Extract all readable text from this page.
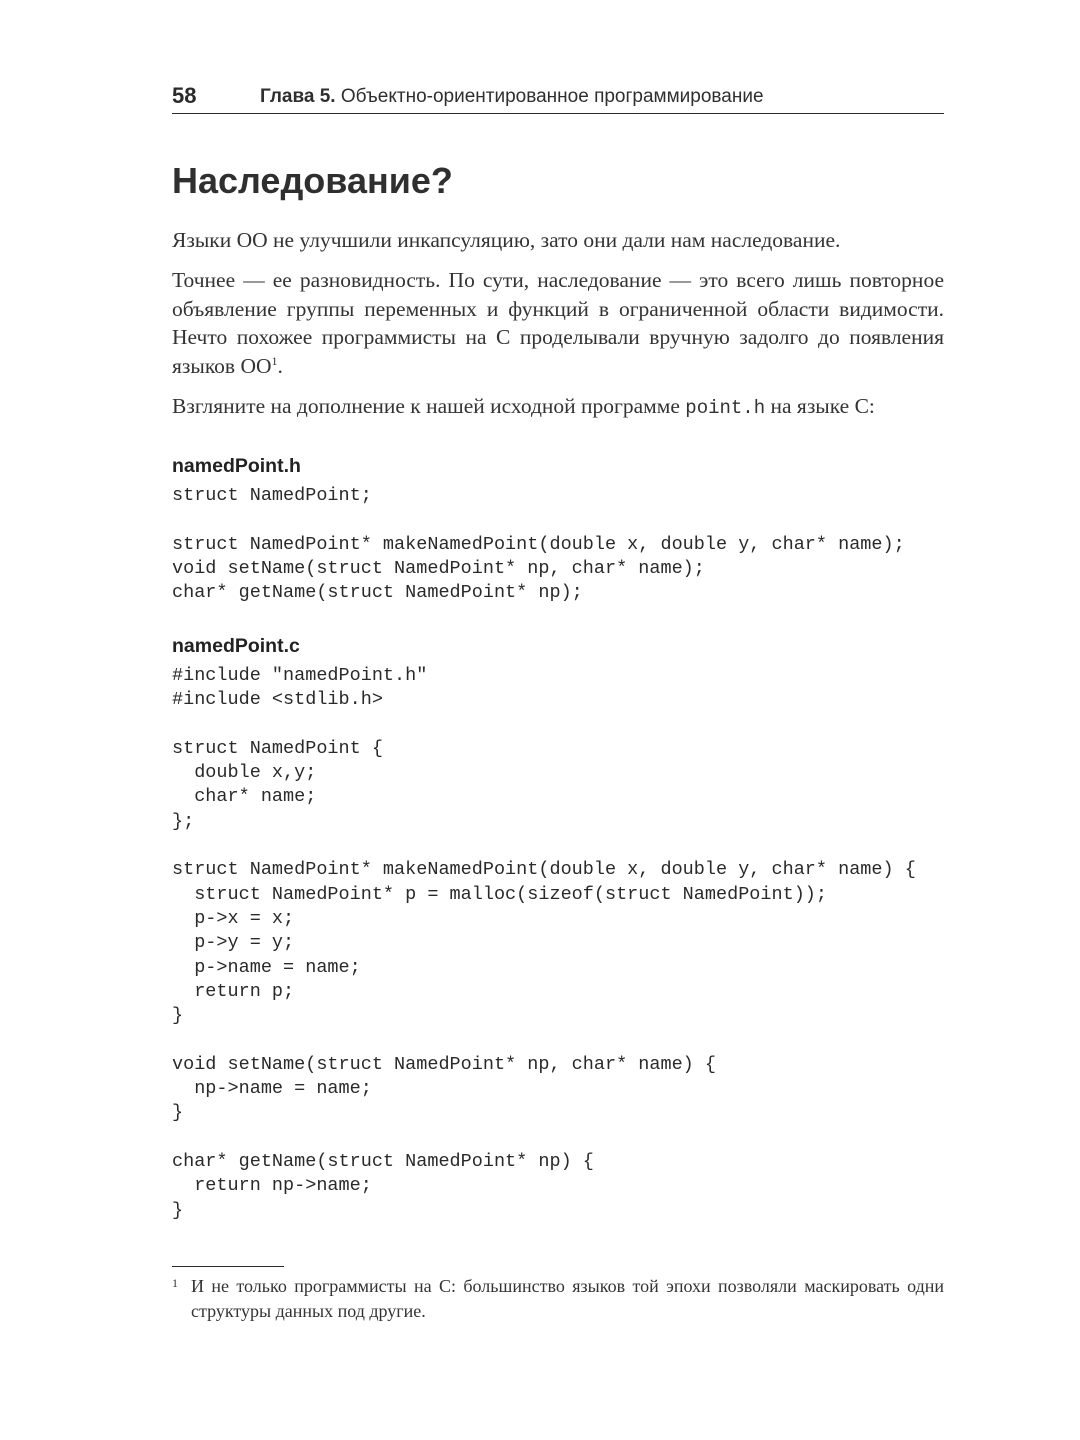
58	Глава 5. Объектно-ориентированное программирование
Наследование?

Языки ОО не улучшили инкапсуляцию, зато они дали нам наследование.

Точнее — ее разновидность. По сути, наследование — это всего лишь повторное объявление группы переменных и функций в ограниченной области видимости. Нечто похожее программисты на C проделывали вручную задолго до появления языков $ОО^1$.

Взгляните на дополнение к нашей исходной программе point.h на языке C:

namedPoint.h
struct NamedPoint;

struct NamedPoint* makeNamedPoint(double x, double y, char* name);
void setName(struct NamedPoint* np, char* name);
char* getName(struct NamedPoint* np);
namedPoint.c
#include "namedPoint.h"
#include <stdlib.h>

struct NamedPoint {
double x,y;
char* name;
};

struct NamedPoint* makeNamedPoint(double x, double y, char* name) {
struct NamedPoint* p = malloc(sizeof(struct NamedPoint));
p->x = x;
p->y = y;
p->name = name;
return p;
}

void setName(struct NamedPoint* np, char* name) {
np->name = name;
}

char* getName(struct NamedPoint* np) {
return np->name;
}
1 И не только программисты на C: большинство языков той эпохи позволяли маскировать одни структуры данных под другие.
